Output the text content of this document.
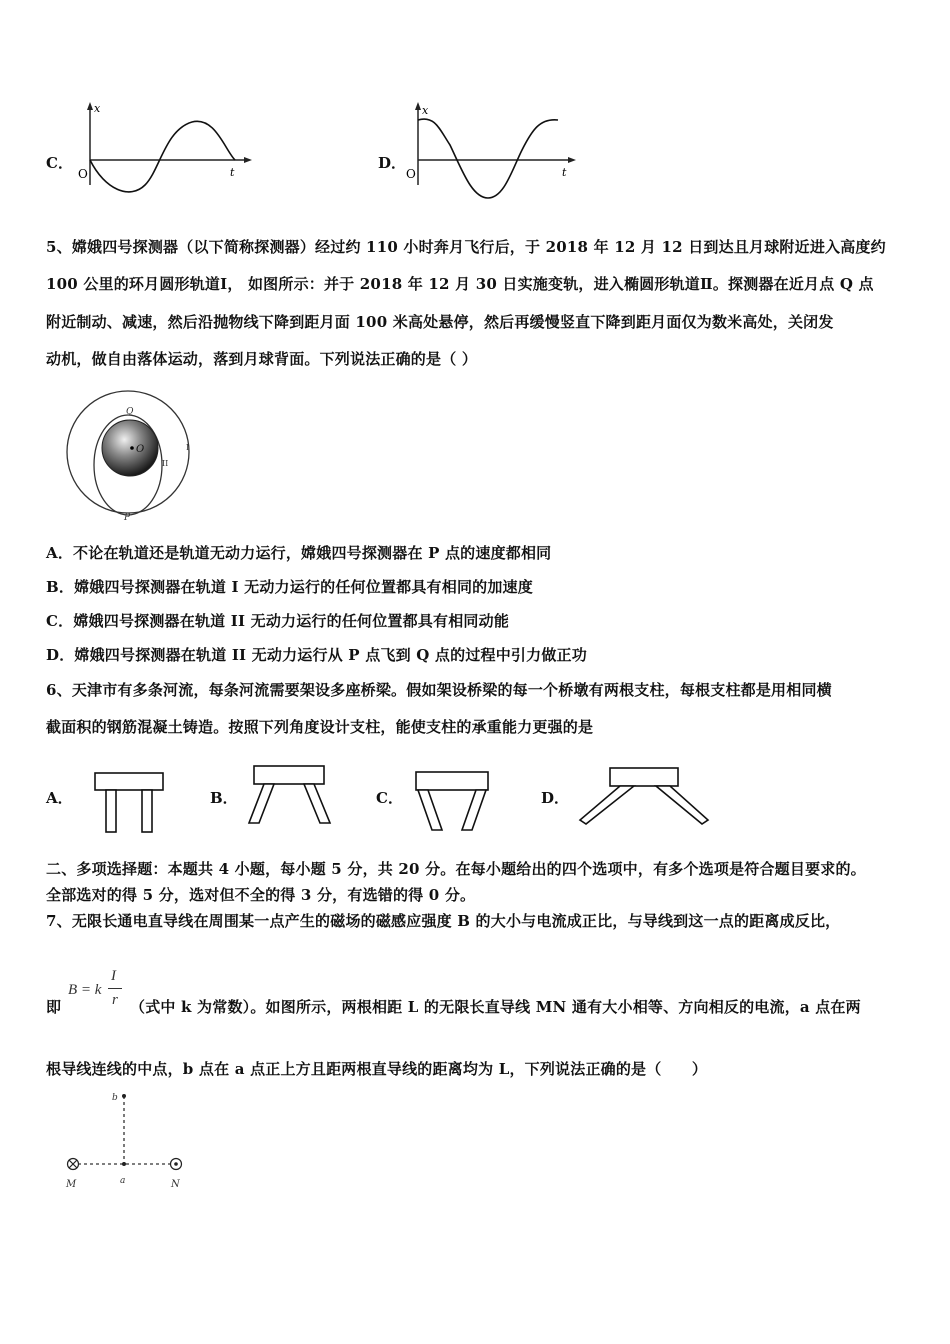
C．
O
x
t
D．
O
x
t
5、嫦娥四号探测器（以下简称探测器）经过约 110 小时奔月飞行后，于 2018 年 12 月 12 日到达且月球附近进入高度约
100 公里的环月圆形轨道Ⅰ， 如图所示：并于 2018 年 12 月 30 日实施变轨，进入椭圆形轨道Ⅱ。探测器在近月点 Q 点
附近制动、减速，然后沿抛物线下降到距月面 100 米高处悬停，然后再缓慢竖直下降到距月面仅为数米高处，关闭发
动机，做自由落体运动，落到月球背面。下列说法正确的是（ ）
O
Q
I
II
P
A．不论在轨道还是轨道无动力运行，嫦娥四号探测器在 P 点的速度都相同
B．嫦娥四号探测器在轨道 I 无动力运行的任何位置都具有相同的加速度
C．嫦娥四号探测器在轨道 II 无动力运行的任何位置都具有相同动能
D．嫦娥四号探测器在轨道 II 无动力运行从 P 点飞到 Q 点的过程中引力做正功
6、天津市有多条河流，每条河流需要架设多座桥梁。假如架设桥梁的每一个桥墩有两根支柱，每根支柱都是用相同横
截面积的钢筋混凝土铸造。按照下列角度设计支柱，能使支柱的承重能力更强的是
A．	B．	C．	D．
二、多项选择题：本题共 4 小题，每小题 5 分，共 20 分。在每小题给出的四个选项中，有多个选项是符合题目要求的。
全部选对的得 5 分，选对但不全的得 3 分，有选错的得 0 分。
7、无限长通电直导线在周围某一点产生的磁场的磁感应强度 B 的大小与电流成正比，与导线到这一点的距离成反比，
即
B = k
I
r （式中 k 为常数）。如图所示，两根相距 L 的无限长直导线 MN 通有大小相等、方向相反的电流，a 点在两
根导线连线的中点，b 点在 a 点正上方且距两根直导线的距离均为 L，下列说法正确的是（　　）
b
a
M	N
